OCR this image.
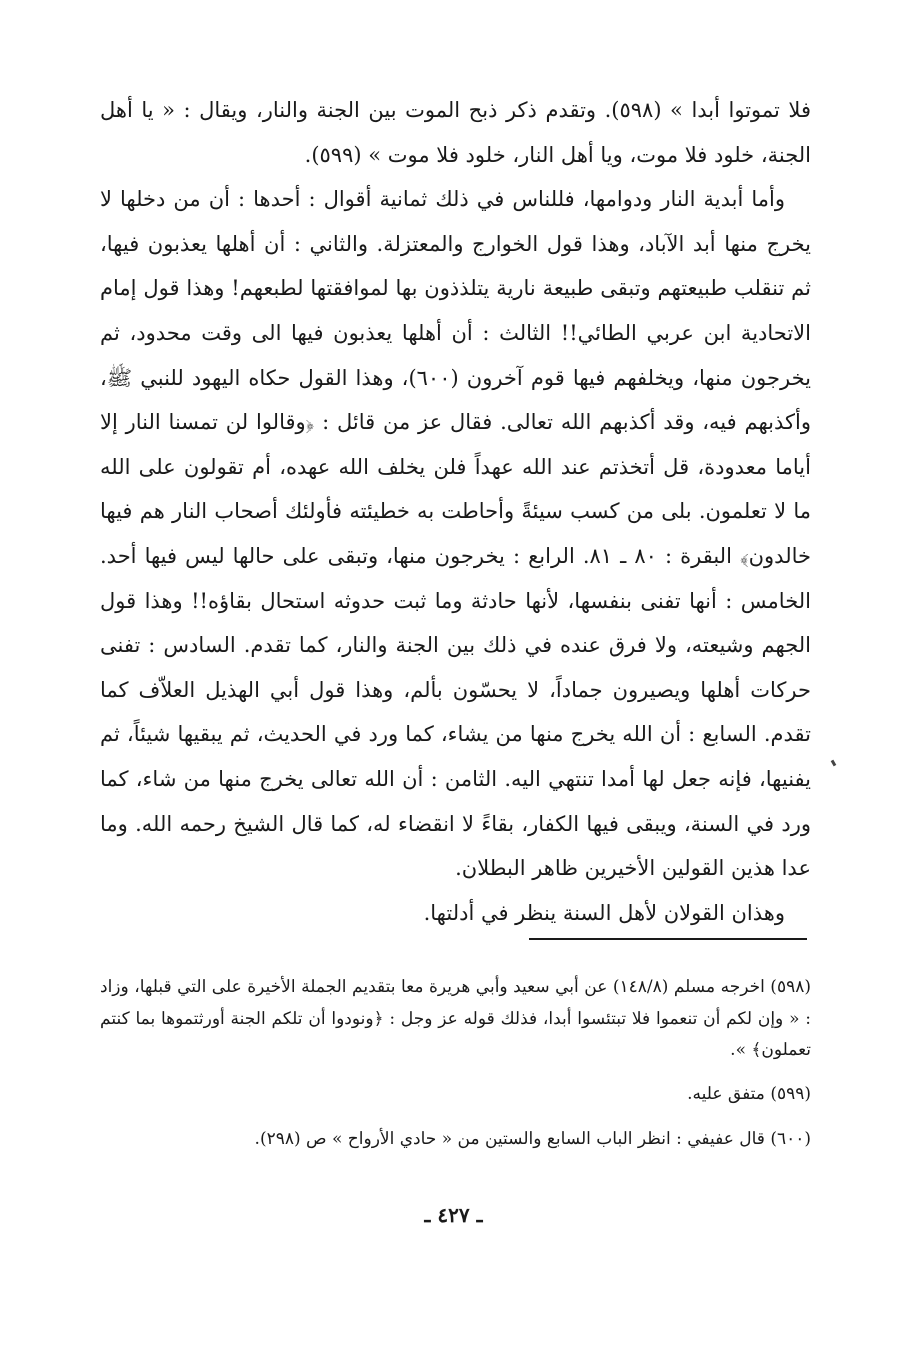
فلا تموتوا أبدا » (٥٩٨). وتقدم ذكر ذبح الموت بين الجنة والنار، ويقال : « يا أهل الجنة، خلود فلا موت، ويا أهل النار، خلود فلا موت » (٥٩٩).

وأما أبدية النار ودوامها، فللناس في ذلك ثمانية أقوال : أحدها : أن من دخلها لا يخرج منها أبد الآباد، وهذا قول الخوارج والمعتزلة. والثاني : أن أهلها يعذبون فيها، ثم تنقلب طبيعتهم وتبقى طبيعة نارية يتلذذون بها لموافقتها لطبعهم! وهذا قول إمام الاتحادية ابن عربي الطائي!! الثالث : أن أهلها يعذبون فيها الى وقت محدود، ثم يخرجون منها، ويخلفهم فيها قوم آخرون (٦٠٠)، وهذا القول حكاه اليهود للنبي ﷺ، وأكذبهم فيه، وقد أكذبهم الله تعالى. فقال عز من قائل : ﴿وقالوا لن تمسنا النار إلا أياما معدودة، قل أتخذتم عند الله عهداً فلن يخلف الله عهده، أم تقولون على الله ما لا تعلمون. بلى من كسب سيئةً وأحاطت به خطيئته فأولئك أصحاب النار هم فيها خالدون﴾ البقرة : ٨٠ ـ ٨١. الرابع : يخرجون منها، وتبقى على حالها ليس فيها أحد. الخامس : أنها تفنى بنفسها، لأنها حادثة وما ثبت حدوثه استحال بقاؤه!! وهذا قول الجهم وشيعته، ولا فرق عنده في ذلك بين الجنة والنار، كما تقدم. السادس : تفنى حركات أهلها ويصيرون جماداً، لا يحسّون بألم، وهذا قول أبي الهذيل العلاّف كما تقدم. السابع : أن الله يخرج منها من يشاء، كما ورد في الحديث، ثم يبقيها شيئاً، ثم يفنيها، فإنه جعل لها أمدا تنتهي اليه. الثامن : أن الله تعالى يخرج منها من شاء، كما ورد في السنة، ويبقى فيها الكفار، بقاءً لا انقضاء له، كما قال الشيخ رحمه الله. وما عدا هذين القولين الأخيرين ظاهر البطلان.

وهذان القولان لأهل السنة ينظر في أدلتها.

(٥٩٨) اخرجه مسلم (١٤٨/٨) عن أبي سعيد وأبي هريرة معا بتقديم الجملة الأخيرة على التي قبلها، وزاد : « وإن لكم أن تنعموا فلا تبتئسوا أبدا، فذلك قوله عز وجل : ﴿ونودوا أن تلكم الجنة أورثتموها بما كنتم تعملون﴾ ».

(٥٩٩) متفق عليه.

(٦٠٠) قال عفيفي : انظر الباب السابع والستين من « حادي الأرواح » ص (٢٩٨).

ـ ٤٢٧ ـ
